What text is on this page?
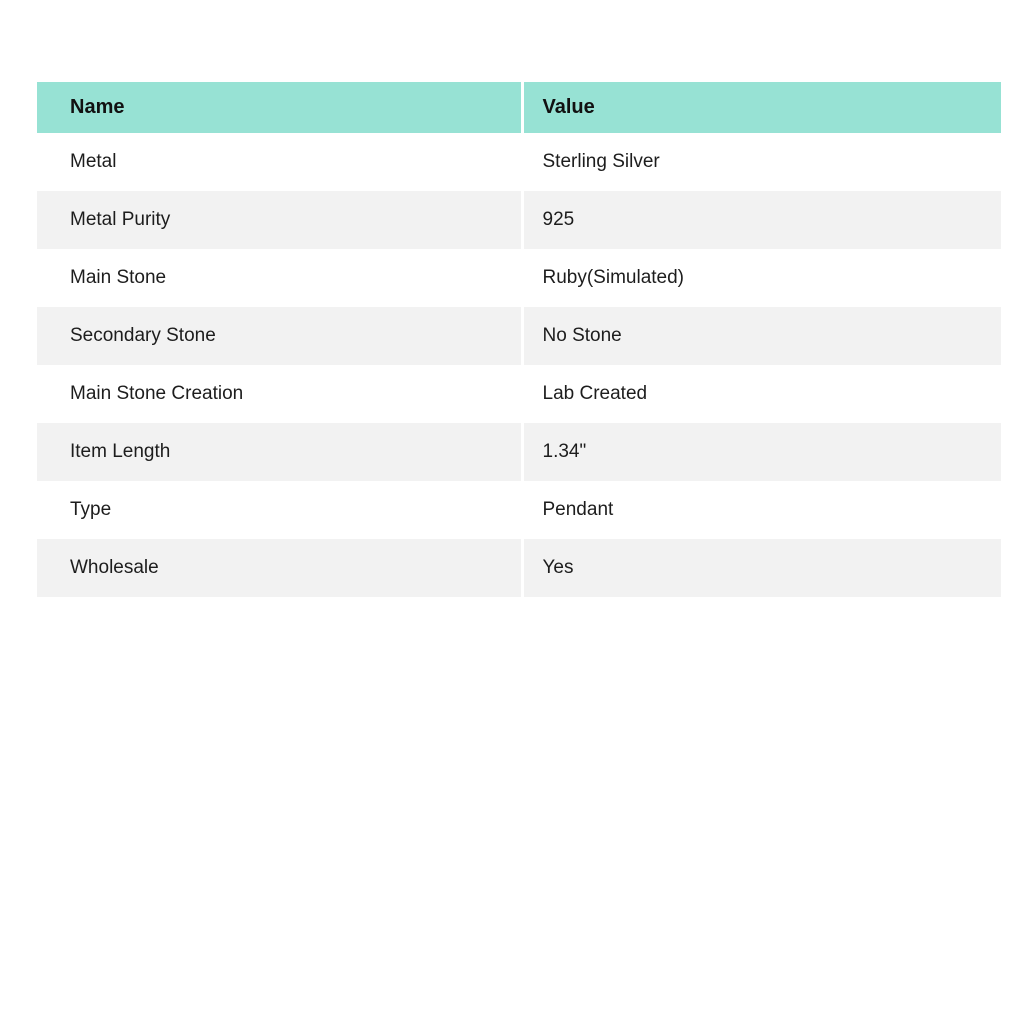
Name	Value
Metal	Sterling Silver
Metal Purity	925
Main Stone	Ruby(Simulated)
Secondary Stone	No Stone
Main Stone Creation	Lab Created
Item Length	1.34"
Type	Pendant
Wholesale	Yes
